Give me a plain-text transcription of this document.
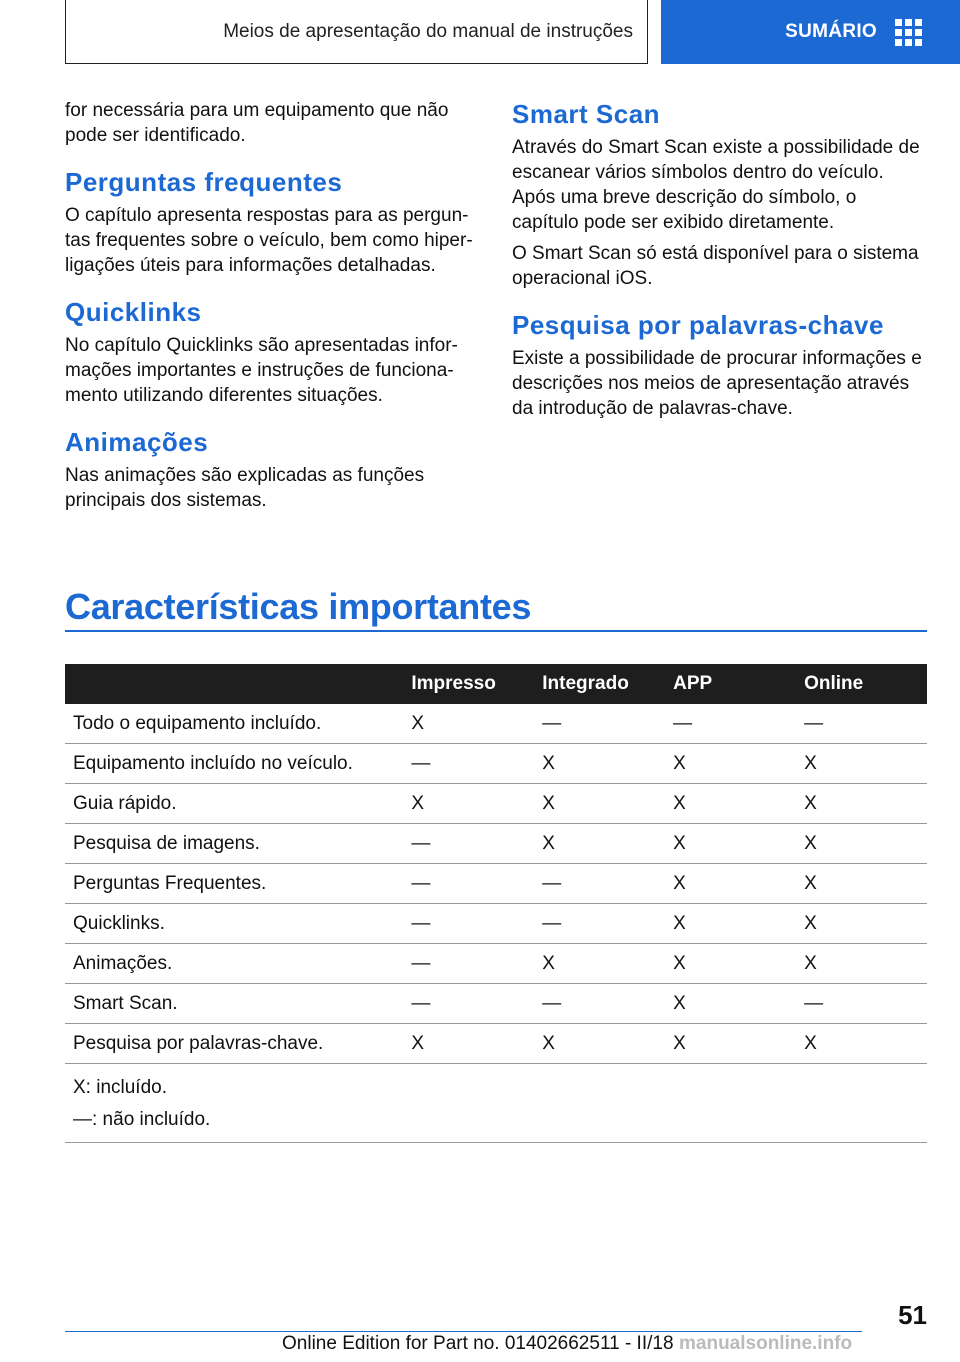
Meios de apresentação do manual de instruções	SUMÁRIO

for necessária para um equipamento que não pode ser identificado.

Perguntas frequentes

O capítulo apresenta respostas para as perguntas frequentes sobre o veículo, bem como hiperligações úteis para informações detalhadas.

Quicklinks

No capítulo Quicklinks são apresentadas informações importantes e instruções de funcionamento utilizando diferentes situações.

Animações

Nas animações são explicadas as funções principais dos sistemas.

Smart Scan

Através do Smart Scan existe a possibilidade de escanear vários símbolos dentro do veículo. Após uma breve descrição do símbolo, o capítulo pode ser exibido diretamente.

O Smart Scan só está disponível para o sistema operacional iOS.

Pesquisa por palavras-chave

Existe a possibilidade de procurar informações e descrições nos meios de apresentação através da introdução de palavras-chave.

Características importantes
	Impresso	Integrado	APP	Online
Todo o equipamento incluído.	X	—	—	—
Equipamento incluído no veículo.	—	X	X	X
Guia rápido.	X	X	X	X
Pesquisa de imagens.	—	X	X	X
Perguntas Frequentes.	—	—	X	X
Quicklinks.	—	—	X	X
Animações.	—	X	X	X
Smart Scan.	—	—	X	—
Pesquisa por palavras-chave.	X	X	X	X

X: incluído.
—: não incluído.				
51
Online Edition for Part no. 01402662511 - II/18 manualsonline.info
